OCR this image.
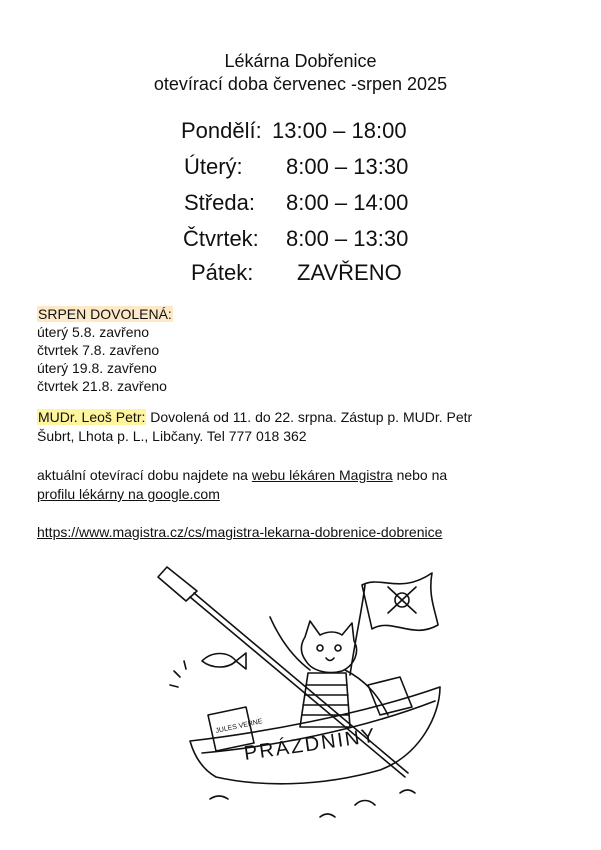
Lékárna Dobřenice
otevírací doba červenec -srpen 2025
Pondělí: 13:00 – 18:00
Úterý: 8:00 – 13:30
Středa: 8:00 – 14:00
Čtvrtek: 8:00 – 13:30
Pátek: ZAVŘENO
SRPEN DOVOLENÁ:
úterý 5.8. zavřeno
čtvrtek 7.8. zavřeno
úterý 19.8. zavřeno
čtvrtek 21.8. zavřeno
MUDr. Leoš Petr: Dovolená od 11. do 22. srpna. Zástup p. MUDr. Petr
Šubrt, Lhota p. L., Libčany. Tel 777 018 362
aktuální otevírací dobu najdete na webu lékáren Magistra nebo na
profilu lékárny na google.com
https://www.magistra.cz/cs/magistra-lekarna-dobrenice-dobrenice
JULES VERNE
PRÁZDNINY
